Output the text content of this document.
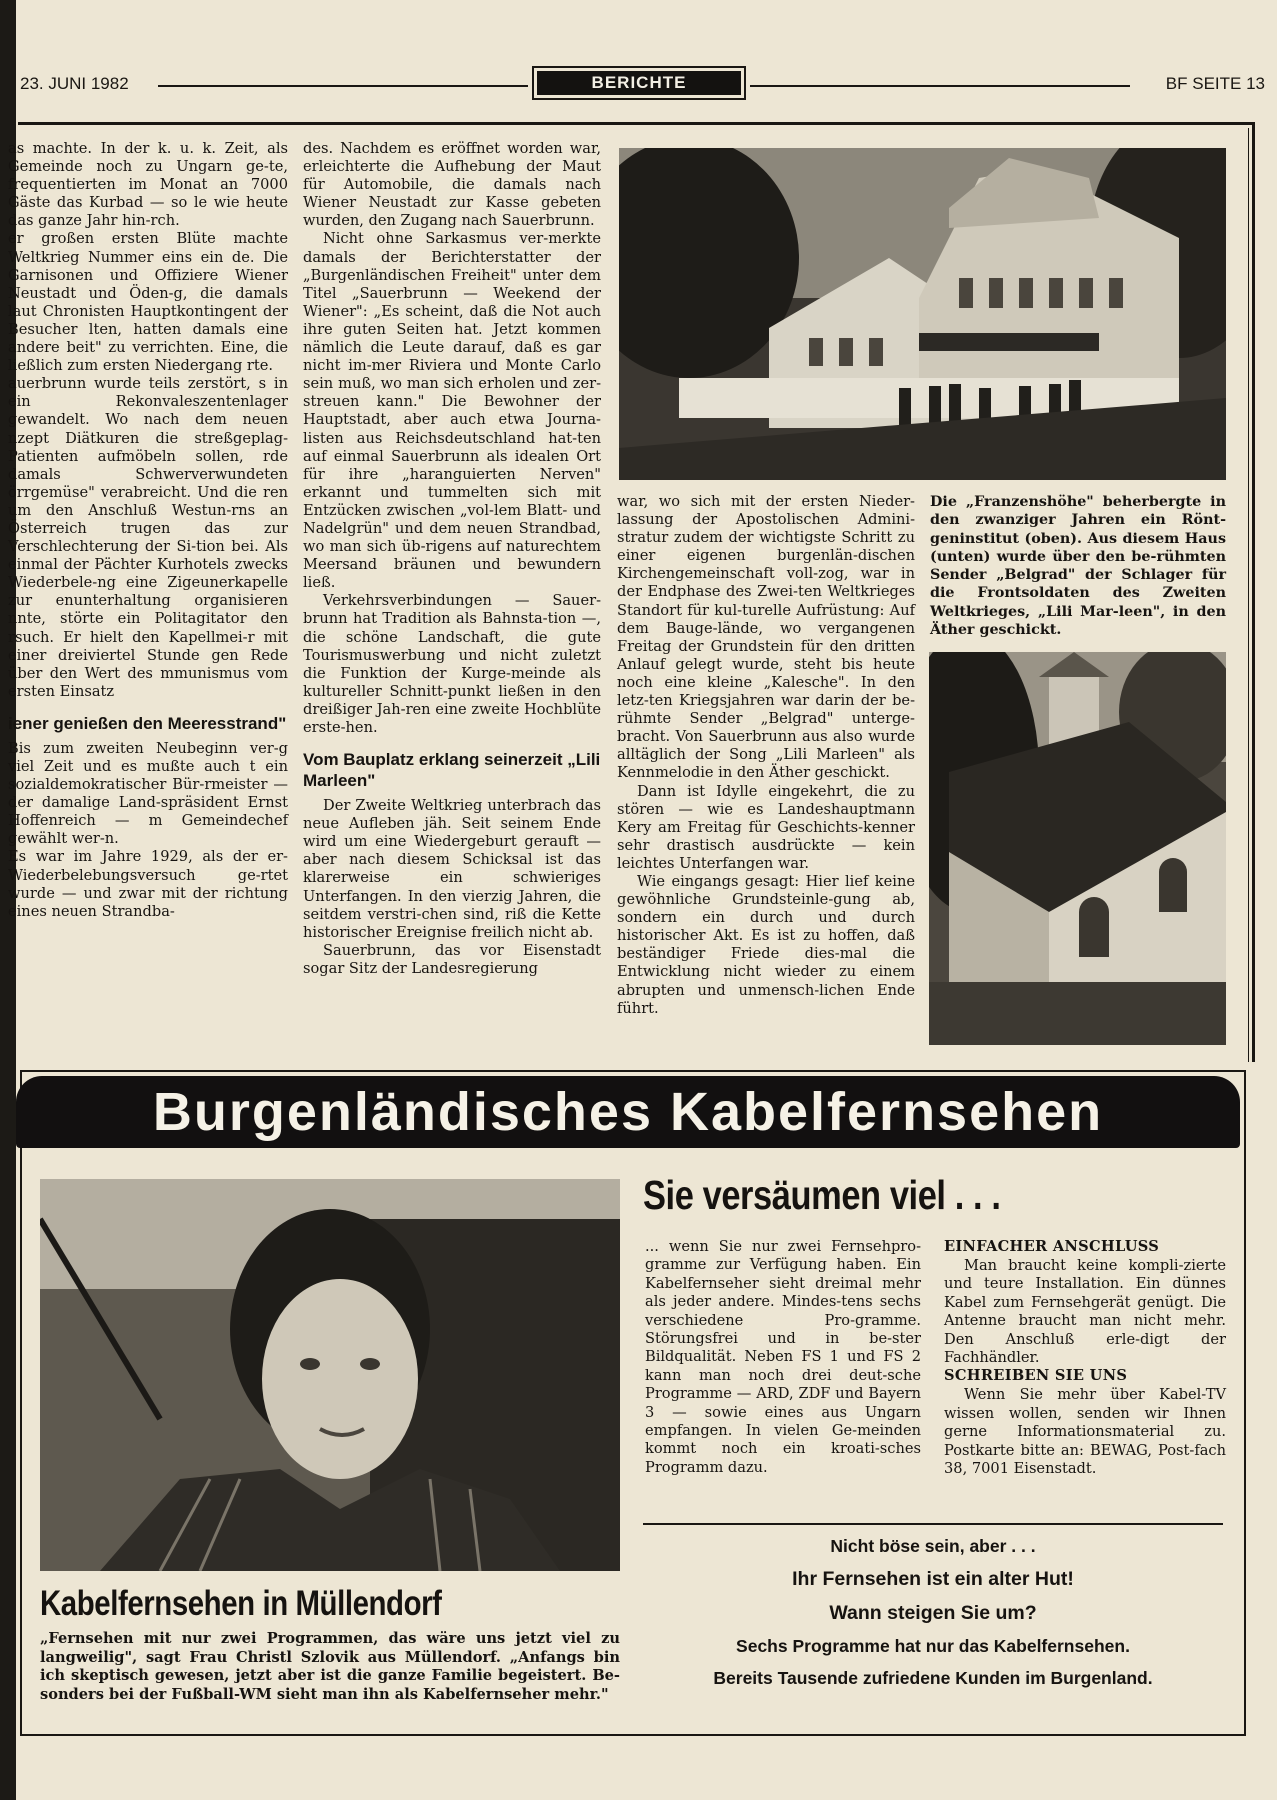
23. JUNI 1982	BERICHTE	BF SEITE 13

as machte. In der k. u. k. Zeit, als Gemeinde noch zu Ungarn ge-te, frequentierten im Monat an 7000 Gäste das Kurbad — so le wie heute das ganze Jahr hin-rch.

er großen ersten Blüte machte Weltkrieg Nummer eins ein de. Die Garnisonen und Offiziere Wiener Neustadt und Öden-g, die damals laut Chronisten Hauptkontingent der Besucher lten, hatten damals eine andere beit" zu verrichten. Eine, die ließlich zum ersten Niedergang rte.

auerbrunn wurde teils zerstört, s in ein Rekonvaleszentenlager gewandelt. Wo nach dem neuen nzept Diätkuren die streßgeplag-Patienten aufmöbeln sollen, rde damals Schwerverwundeten örrgemüse" verabreicht. Und die ren um den Anschluß Westun-rns an Österreich trugen das zur Verschlechterung der Si-tion bei. Als einmal der Pächter Kurhotels zwecks Wiederbele-ng eine Zigeunerkapelle zur enunterhaltung organisieren nnte, störte ein Politagitator den rsuch. Er hielt den Kapellmei-r mit einer dreiviertel Stunde gen Rede über den Wert des mmunismus vom ersten Einsatz

iener genießen den Meeresstrand"

Bis zum zweiten Neubeginn ver-g viel Zeit und es mußte auch t ein sozialdemokratischer Bür-rmeister — der damalige Land-spräsident Ernst Hoffenreich — m Gemeindechef gewählt wer-n.

Es war im Jahre 1929, als der er-Wiederbelebungsversuch ge-rtet wurde — und zwar mit der richtung eines neuen Strandba-

des. Nachdem es eröffnet worden war, erleichterte die Aufhebung der Maut für Automobile, die damals nach Wiener Neustadt zur Kasse gebeten wurden, den Zugang nach Sauerbrunn.

Nicht ohne Sarkasmus ver-merkte damals der Berichterstatter der „Burgenländischen Freiheit" unter dem Titel „Sauerbrunn — Weekend der Wiener": „Es scheint, daß die Not auch ihre guten Seiten hat. Jetzt kommen nämlich die Leute darauf, daß es gar nicht im-mer Riviera und Monte Carlo sein muß, wo man sich erholen und zer-streuen kann." Die Bewohner der Hauptstadt, aber auch etwa Journa-listen aus Reichsdeutschland hat-ten auf einmal Sauerbrunn als idealen Ort für ihre „haranguierten Nerven" erkannt und tummelten sich mit Entzücken zwischen „vol-lem Blatt- und Nadelgrün" und dem neuen Strandbad, wo man sich üb-rigens auf naturechtem Meersand bräunen und bewundern ließ.

Verkehrsverbindungen — Sauer-brunn hat Tradition als Bahnsta-tion —, die schöne Landschaft, die gute Tourismuswerbung und nicht zuletzt die Funktion der Kurge-meinde als kultureller Schnitt-punkt ließen in den dreißiger Jah-ren eine zweite Hochblüte erste-hen.

Vom Bauplatz erklang seinerzeit „Lili Marleen"

Der Zweite Weltkrieg unterbrach das neue Aufleben jäh. Seit seinem Ende wird um eine Wiedergeburt gerauft — aber nach diesem Schicksal ist das klarerweise ein schwieriges Unterfangen. In den vierzig Jahren, die seitdem verstri-chen sind, riß die Kette historischer Ereignise freilich nicht ab.

Sauerbrunn, das vor Eisenstadt sogar Sitz der Landesregierung

war, wo sich mit der ersten Nieder-lassung der Apostolischen Admini-stratur zudem der wichtigste Schritt zu einer eigenen burgenlän-dischen Kirchengemeinschaft voll-zog, war in der Endphase des Zwei-ten Weltkrieges Standort für kul-turelle Aufrüstung: Auf dem Bauge-lände, wo vergangenen Freitag der Grundstein für den dritten Anlauf gelegt wurde, steht bis heute noch eine kleine „Kalesche". In den letz-ten Kriegsjahren war darin der be-rühmte Sender „Belgrad" unterge-bracht. Von Sauerbrunn aus also wurde alltäglich der Song „Lili Marleen" als Kennmelodie in den Äther geschickt.

Dann ist Idylle eingekehrt, die zu stören — wie es Landeshauptmann Kery am Freitag für Geschichts-kenner sehr drastisch ausdrückte — kein leichtes Unterfangen war.

Wie eingangs gesagt: Hier lief keine gewöhnliche Grundsteinle-gung ab, sondern ein durch und durch historischer Akt. Es ist zu hoffen, daß beständiger Friede dies-mal die Entwicklung nicht wieder zu einem abrupten und unmensch-lichen Ende führt.

Die „Franzenshöhe" beherbergte in den zwanziger Jahren ein Rönt-geninstitut (oben). Aus diesem Haus (unten) wurde über den be-rühmten Sender „Belgrad" der Schlager für die Frontsoldaten des Zweiten Weltkrieges, „Lili Mar-leen", in den Äther geschickt.
Burgenländisches Kabelfernsehen
Sie versäumen viel . . .

... wenn Sie nur zwei Fernsehpro-gramme zur Verfügung haben. Ein Kabelfernseher sieht dreimal mehr als jeder andere. Mindes-tens sechs verschiedene Pro-gramme. Störungsfrei und in be-ster Bildqualität. Neben FS 1 und FS 2 kann man noch drei deut-sche Programme — ARD, ZDF und Bayern 3 — sowie eines aus Ungarn empfangen. In vielen Ge-meinden kommt noch ein kroati-sches Programm dazu.

EINFACHER ANSCHLUSS

Man braucht keine kompli-zierte und teure Installation. Ein dünnes Kabel zum Fernsehgerät genügt. Die Antenne braucht man nicht mehr. Den Anschluß erle-digt der Fachhändler.

SCHREIBEN SIE UNS

Wenn Sie mehr über Kabel-TV wissen wollen, senden wir Ihnen gerne Informationsmaterial zu. Postkarte bitte an: BEWAG, Post-fach 38, 7001 Eisenstadt.

Nicht böse sein, aber . . .
Ihr Fernsehen ist ein alter Hut!
Wann steigen Sie um?
Sechs Programme hat nur das Kabelfernsehen.
Bereits Tausende zufriedene Kunden im Burgenland.
Kabelfernsehen in Müllendorf
„Fernsehen mit nur zwei Programmen, das wäre uns jetzt viel zu langweilig", sagt Frau Christl Szlovik aus Müllendorf. „Anfangs bin ich skeptisch gewesen, jetzt aber ist die ganze Familie begeistert. Be-sonders bei der Fußball-WM sieht man ihn als Kabelfernseher mehr."
